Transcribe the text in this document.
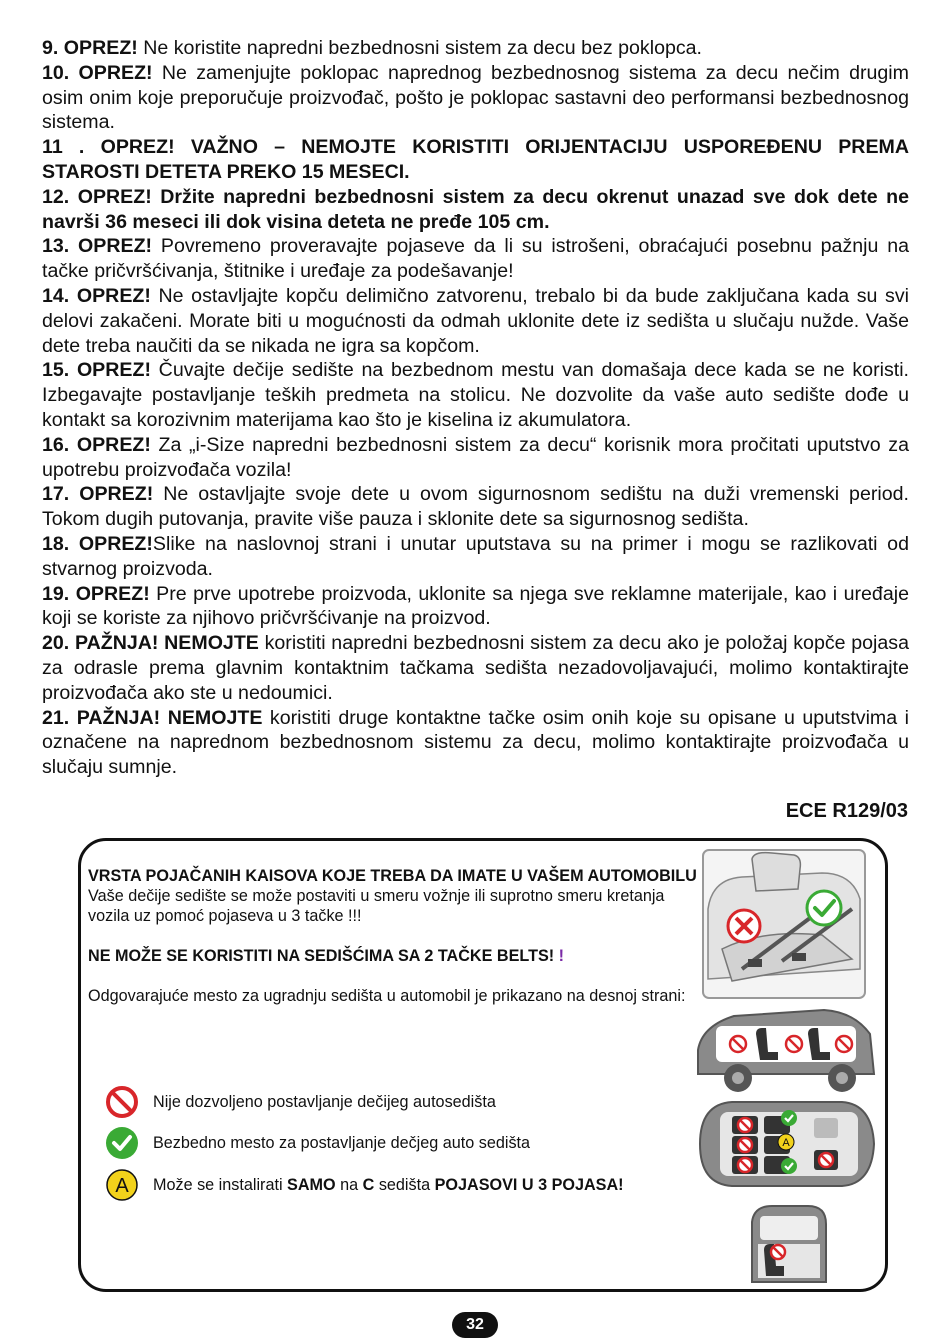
9. OPREZ! Ne koristite napredni bezbednosni sistem za decu bez poklopca.

10. OPREZ! Ne zamenjujte poklopac naprednog bezbednosnog sistema za decu nečim drugim osim onim koje preporučuje proizvođač, pošto je poklopac sastavni deo performansi bezbednosnog sistema.

11 . OPREZ! VAŽNO – NEMOJTE KORISTITI ORIJENTACIJU USPOREĐENU PREMA STAROSTI DETETA PREKO 15 MESECI.

12. OPREZ! Držite napredni bezbednosni sistem za decu okrenut unazad sve dok dete ne navrši 36 meseci ili dok visina deteta ne pređe 105 cm.

13. OPREZ! Povremeno proveravajte pojaseve da li su istrošeni, obraćajući posebnu pažnju na tačke pričvršćivanja, štitnike i uređaje za podešavanje!

14. OPREZ! Ne ostavljajte kopču delimično zatvorenu, trebalo bi da bude zaključana kada su svi delovi zakačeni. Morate biti u mogućnosti da odmah uklonite dete iz sedišta u slučaju nužde. Vaše dete treba naučiti da se nikada ne igra sa kopčom.

15. OPREZ! Čuvajte dečije sedište na bezbednom mestu van domašaja dece kada se ne koristi. Izbegavajte postavljanje teških predmeta na stolicu. Ne dozvolite da vaše auto sedište dođe u kontakt sa korozivnim materijama kao što je kiselina iz akumulatora.

16. OPREZ! Za „i-Size napredni bezbednosni sistem za decu“ korisnik mora pročitati uputstvo za upotrebu proizvođača vozila!

17. OPREZ! Ne ostavljajte svoje dete u ovom sigurnosnom sedištu na duži vremenski period. Tokom dugih putovanja, pravite više pauza i sklonite dete sa sigurnosnog sedišta.

18. OPREZ!Slike na naslovnoj strani i unutar uputstava su na primer i mogu se razlikovati od stvarnog proizvoda.

19. OPREZ! Pre prve upotrebe proizvoda, uklonite sa njega sve reklamne materijale, kao i uređaje koji se koriste za njihovo pričvršćivanje na proizvod.

20. PAŽNJA! NEMOJTE koristiti napredni bezbednosni sistem za decu ako je položaj kopče pojasa za odrasle prema glavnim kontaktnim tačkama sedišta nezadovoljavajući, molimo kontaktirajte proizvođača ako ste u nedoumici.

21. PAŽNJA! NEMOJTE koristiti druge kontaktne tačke osim onih koje su opisane u uputstvima i označene na naprednom bezbednosnom sistemu za decu, molimo kontaktirajte proizvođača u slučaju sumnje.

ECE R129/03

VRSTA POJAČANIH KAISOVA KOJE TREBA DA IMATE U VAŠEM AUTOMOBILU

Vaše dečije sedište se može postaviti u smeru vožnje ili suprotno smeru kretanja vozila uz pomoć pojaseva u 3 tačke !!!

NE MOŽE SE KORISTITI NA SEDIŠĆIMA SA 2 TAČKE BELTS! !

Odgovarajuće mesto za ugradnju sedišta u automobil je prikazano na desnoj strani:

Nije dozvoljeno postavljanje dečijeg autosedišta
Bezbedno mesto za postavljanje dečjeg auto sedišta
A Može se instalirati SAMO na C sedišta POJASOVI U 3 POJASA!
A
32
